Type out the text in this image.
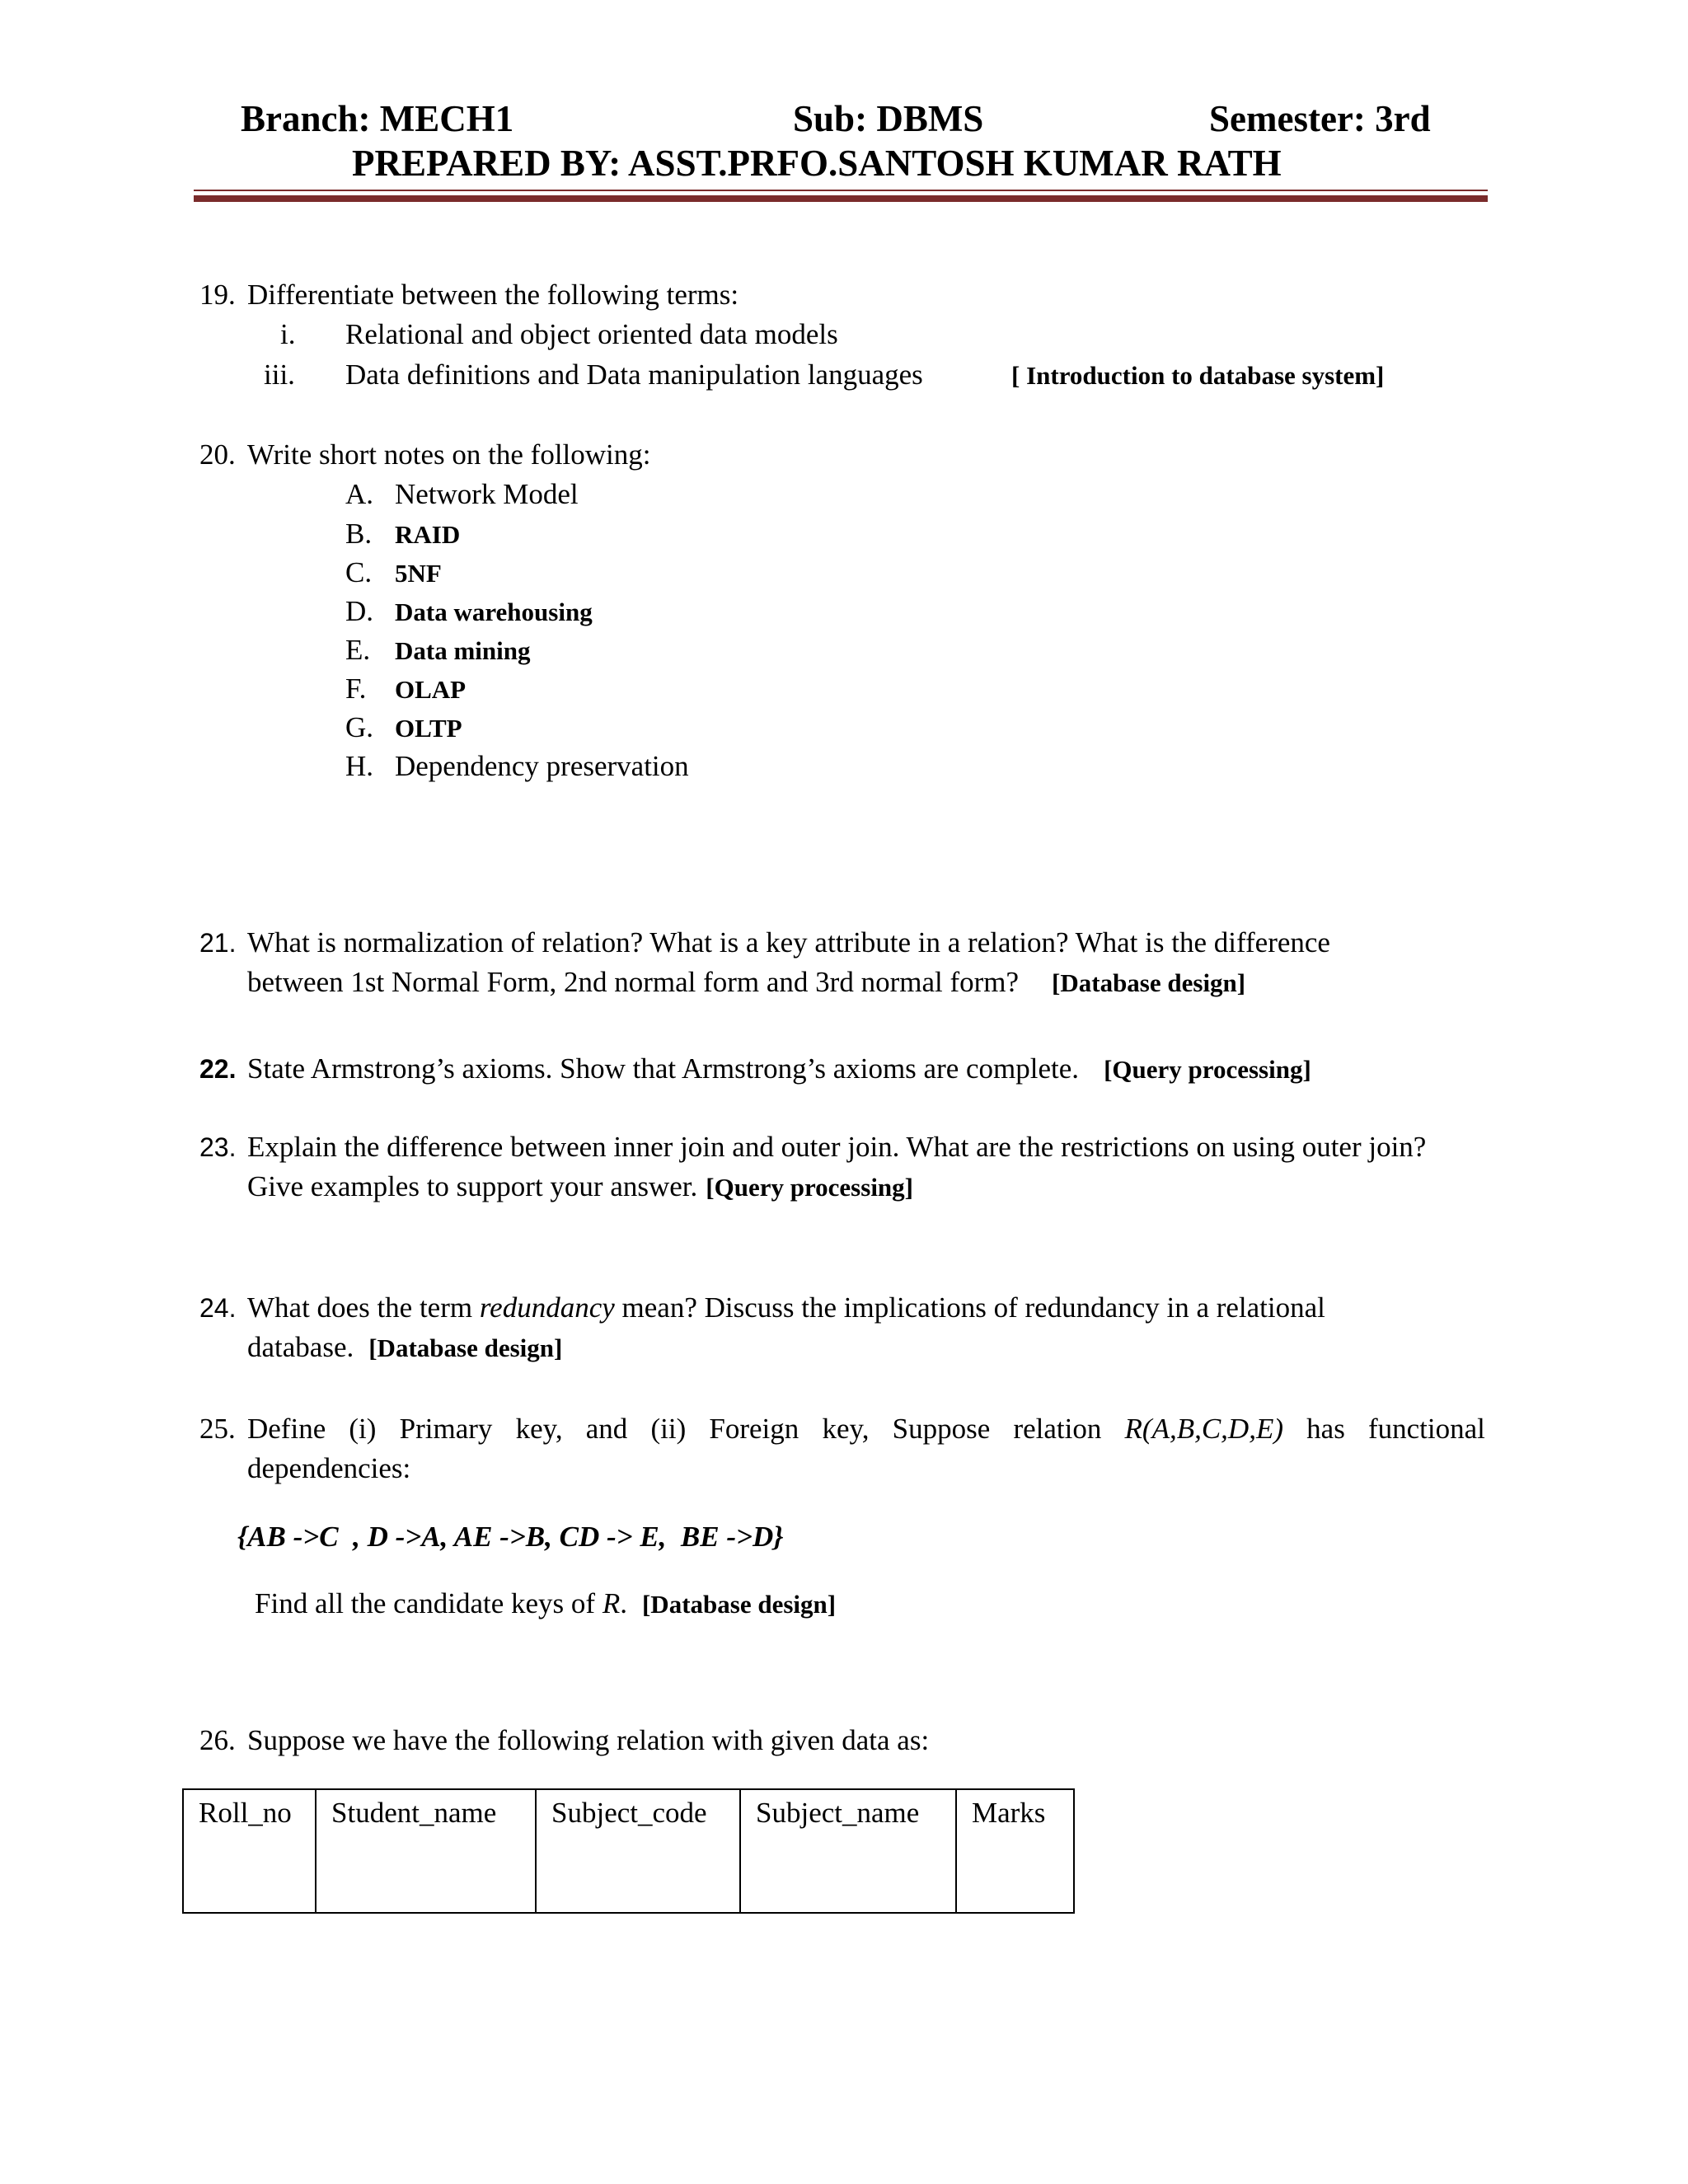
Branch: MECH1	Sub: DBMS	Semester: 3rd
PREPARED BY: ASST.PRFO.SANTOSH KUMAR RATH
19. Differentiate between the following terms:
i. Relational and object oriented data models
iii. Data definitions and Data manipulation languages	[ Introduction to database system]
20. Write short notes on the following:
A. Network Model
B. RAID
C. 5NF
D. Data warehousing
E. Data mining
F. OLAP
G. OLTP
H. Dependency preservation
21. What is normalization of relation? What is a key attribute in a relation? What is the difference
between 1st Normal Form, 2nd normal form and 3rd normal form? [Database design]
22. State Armstrong’s axioms. Show that Armstrong’s axioms are complete. [Query processing]
23. Explain the difference between inner join and outer join. What are the restrictions on using outer join?
Give examples to support your answer. [Query processing]
24. What does the term redundancy mean? Discuss the implications of redundancy in a relational
database. [Database design]
25. Define (i) Primary key, and (ii) Foreign key, Suppose relation R(A,B,C,D,E) has functional
dependencies:
{AB ->C  , D ->A, AE ->B, CD -> E,  BE ->D}
Find all the candidate keys of R. [Database design]
26. Suppose we have the following relation with given data as:
Roll_no	Student_name	Subject_code	Subject_name	Marks
